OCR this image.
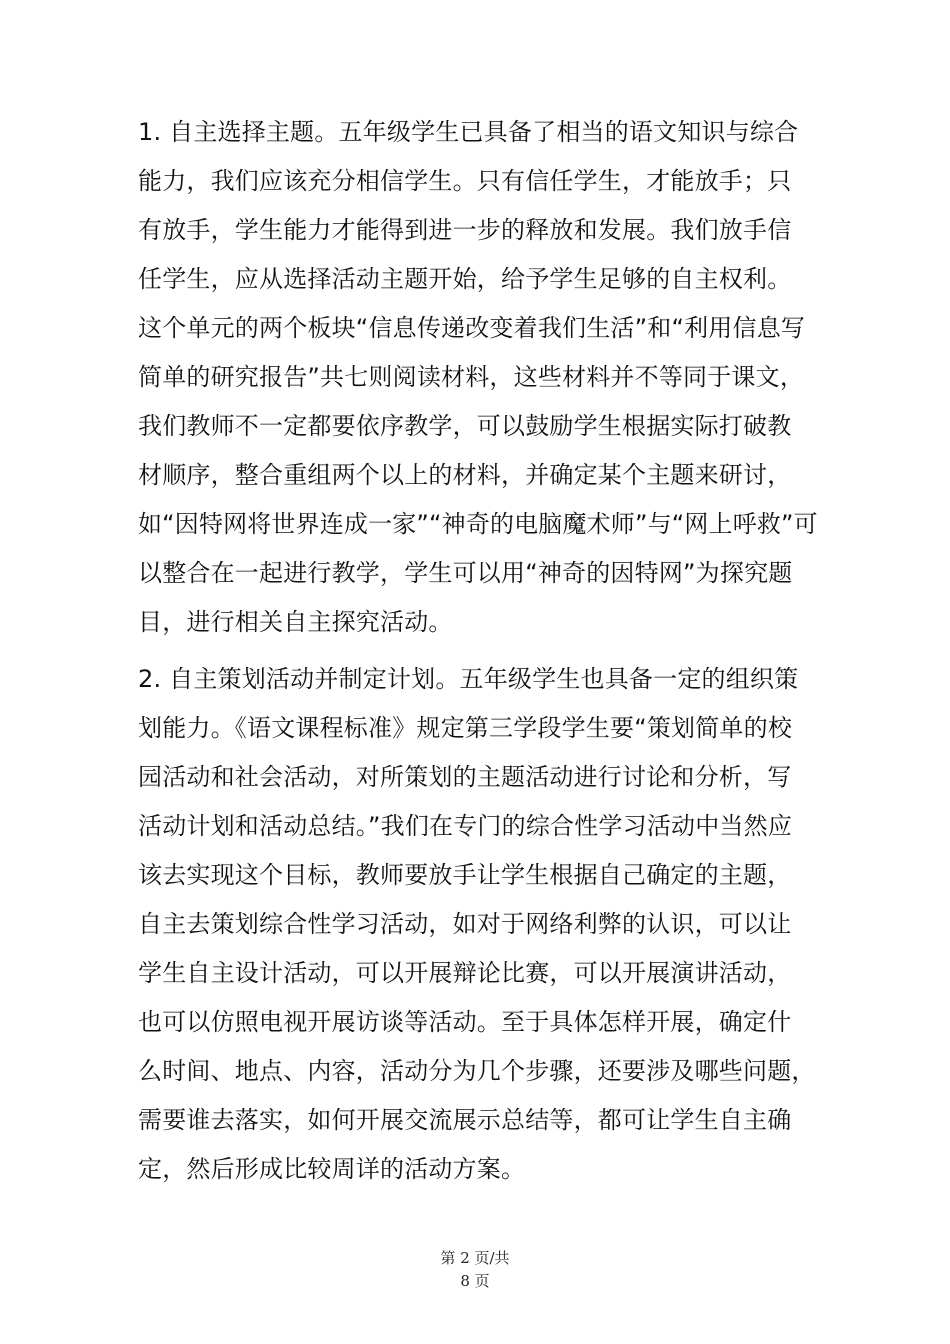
1. 自主选择主题。五年级学生已具备了相当的语文知识与综合
能力，我们应该充分相信学生。只有信任学生，才能放手；只
有放手，学生能力才能得到进一步的释放和发展。我们放手信
任学生，应从选择活动主题开始，给予学生足够的自主权利。
这个单元的两个板块“信息传递改变着我们生活”和“利用信息写
简单的研究报告”共七则阅读材料，这些材料并不等同于课文，
我们教师不一定都要依序教学，可以鼓励学生根据实际打破教
材顺序，整合重组两个以上的材料，并确定某个主题来研讨，
如“因特网将世界连成一家”“神奇的电脑魔术师”与“网上呼救”可
以整合在一起进行教学，学生可以用“神奇的因特网”为探究题
目，进行相关自主探究活动。
2. 自主策划活动并制定计划。五年级学生也具备一定的组织策
划能力。《语文课程标准》规定第三学段学生要“策划简单的校
园活动和社会活动，对所策划的主题活动进行讨论和分析，写
活动计划和活动总结。”我们在专门的综合性学习活动中当然应
该去实现这个目标，教师要放手让学生根据自己确定的主题，
自主去策划综合性学习活动，如对于网络利弊的认识，可以让
学生自主设计活动，可以开展辩论比赛，可以开展演讲活动，
也可以仿照电视开展访谈等活动。至于具体怎样开展，确定什
么时间、地点、内容，活动分为几个步骤，还要涉及哪些问题，
需要谁去落实，如何开展交流展示总结等，都可让学生自主确
定，然后形成比较周详的活动方案。
第 2 页/共
8 页
